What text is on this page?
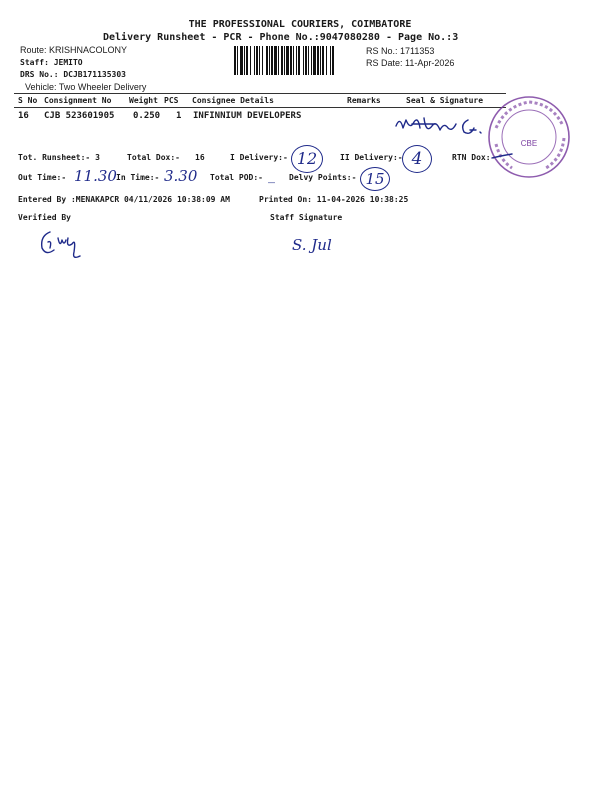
THE PROFESSIONAL COURIERS, COIMBATORE
Delivery Runsheet - PCR - Phone No.:9047080280 - Page No.:3
Route: KRISHNACOLONY
Staff: JEMITO
DRS No.: DCJB171135303
Vehicle: Two Wheeler Delivery
RS No.: 1711353
RS Date: 11-Apr-2026
S No Consignment No Weight PCS Consignee Details	Remarks	Seal & Signature
16 CJB 523601905 0.250 1 INFINNIUM DEVELOPERS
CBE
Tot. Runsheet:- 3	Total Dox:- 16	I Delivery:- 12	II Delivery:- 4	RTN Dox:-
Out Time:- 11.30 In Time:- 3.30 Total POD:- _ Delvy Points:- 15
Entered By :MENAKAPCR 04/11/2026 10:38:09 AM	Printed On: 11-04-2026 10:38:25
Verified By	Staff Signature
S. Jul
